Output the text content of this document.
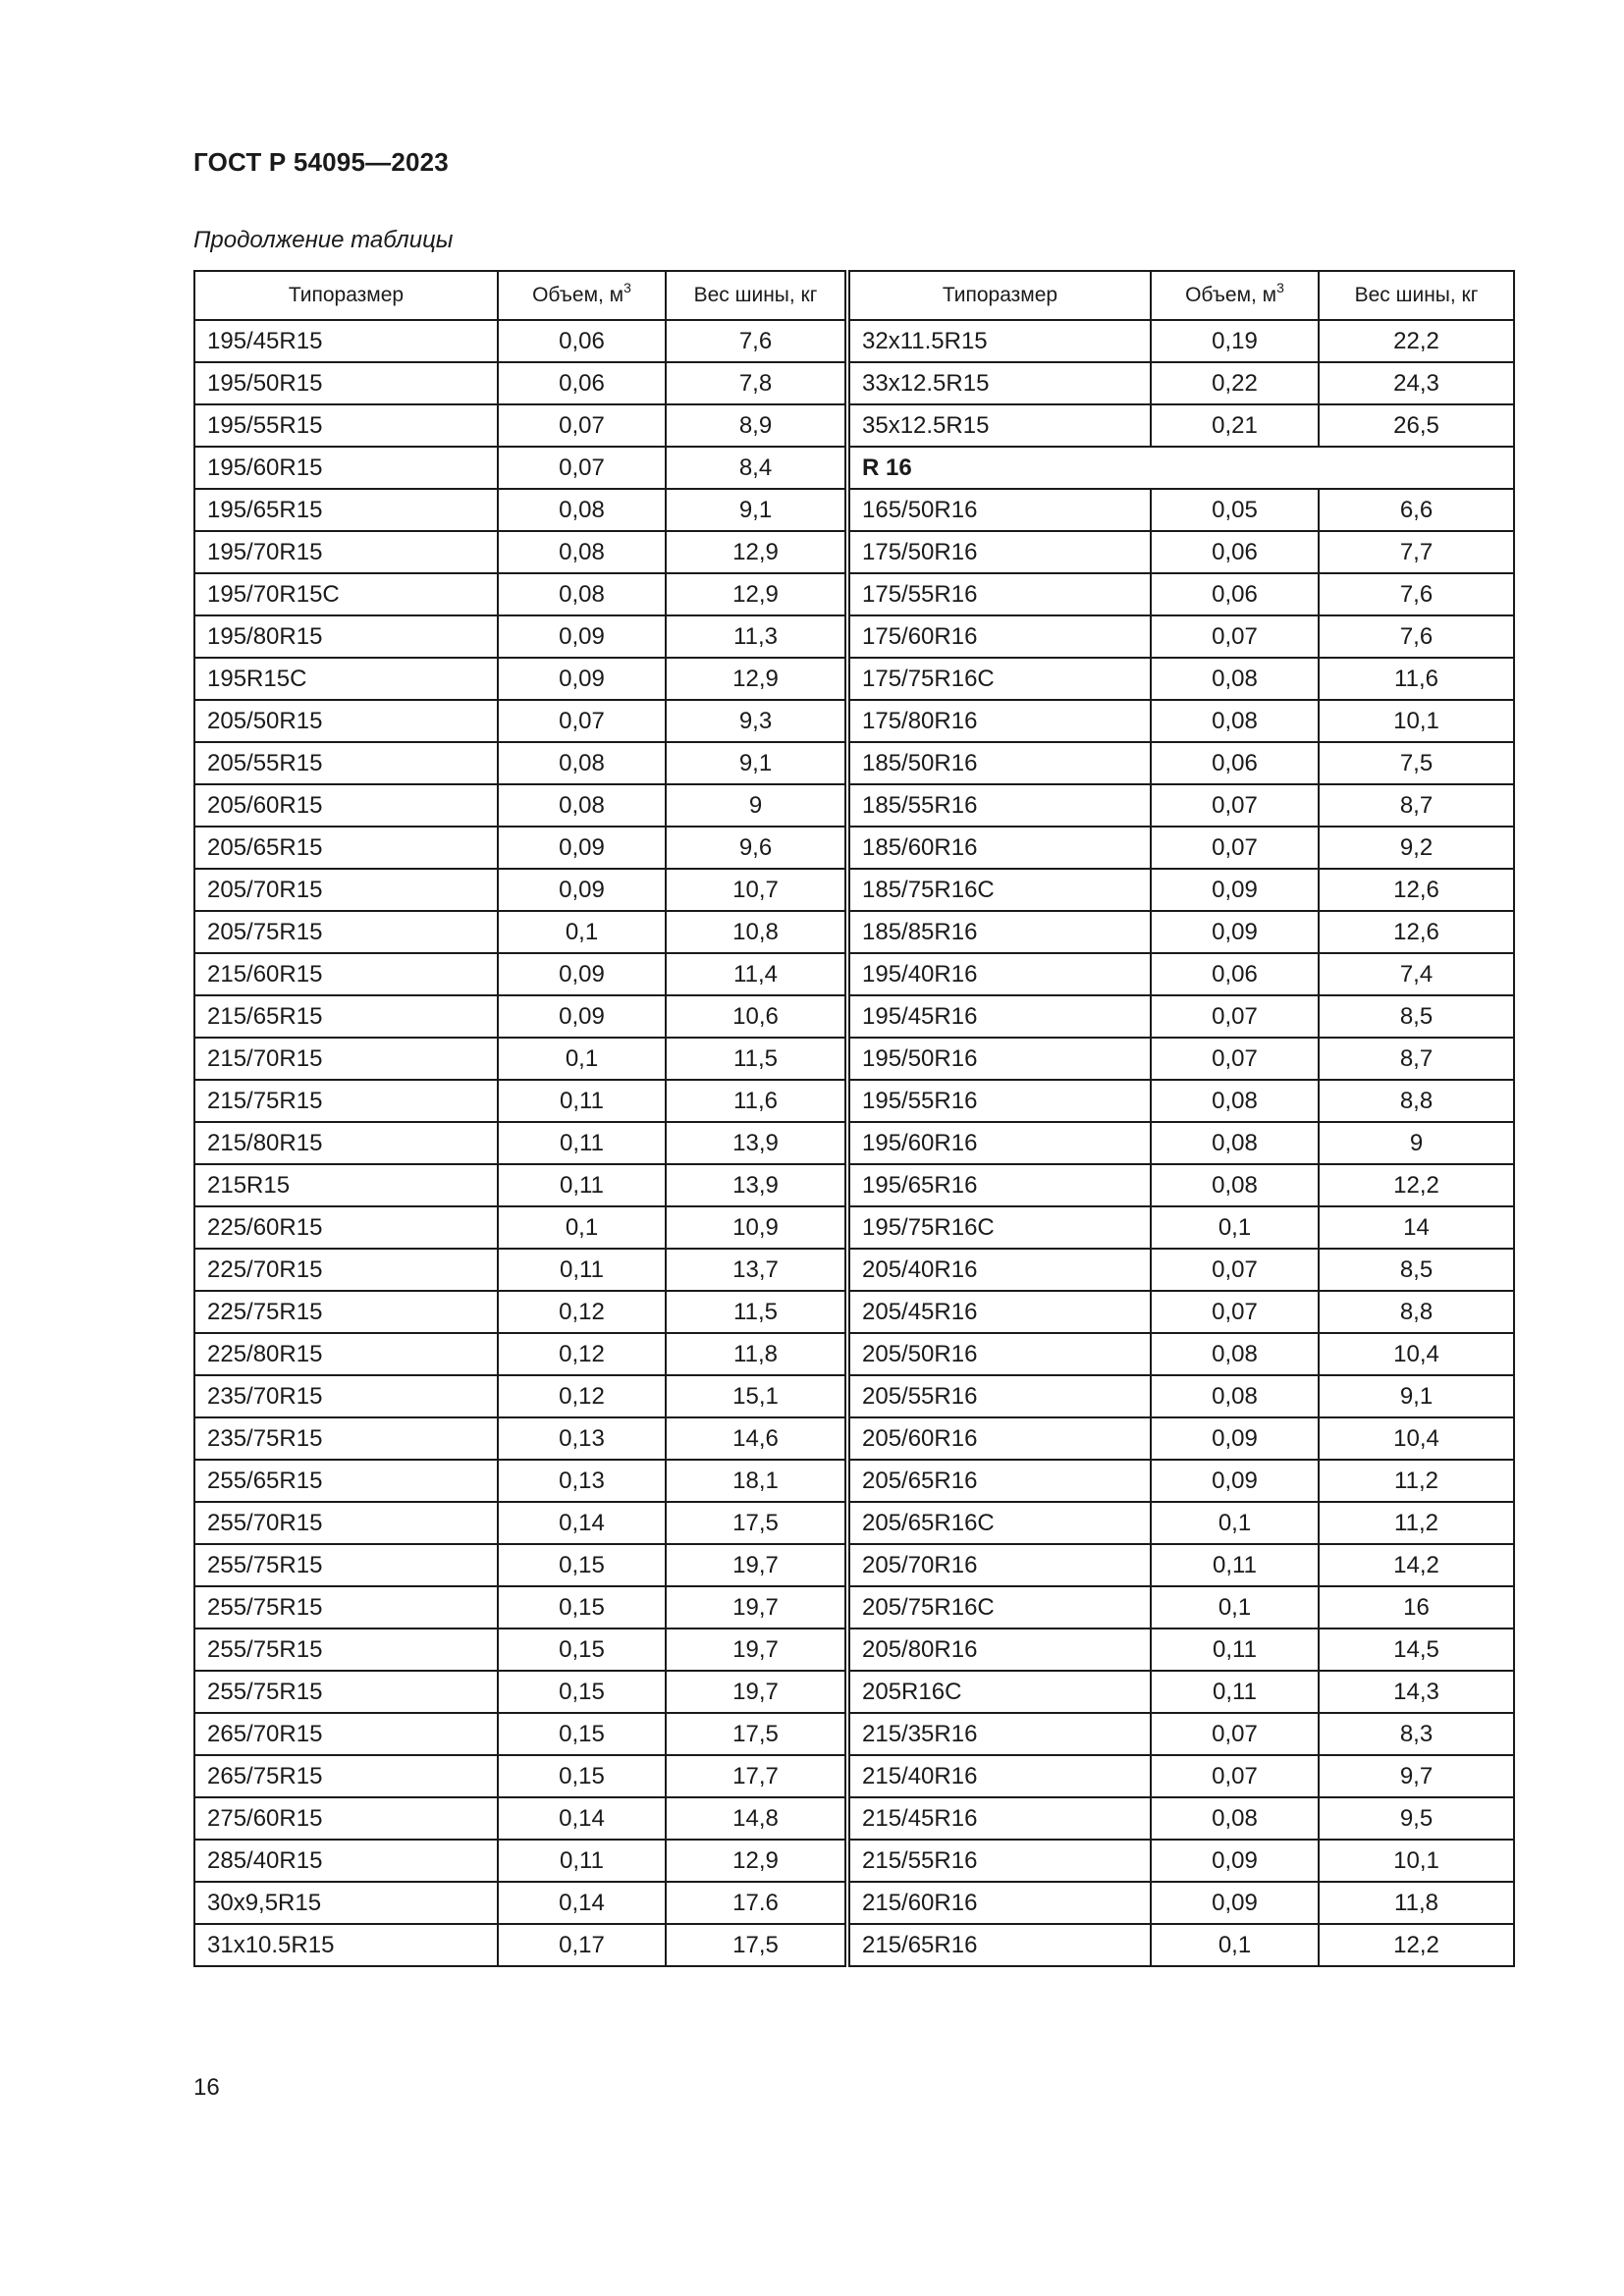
ГОСТ Р 54095—2023
Продолжение таблицы
Типоразмер	Объем, $м^3$	Вес шины, кг	Типоразмер	Объем, $м^3$	Вес шины, кг
195/45R15	0,06	7,6	32x11.5R15	0,19	22,2
195/50R15	0,06	7,8	33x12.5R15	0,22	24,3
195/55R15	0,07	8,9	35x12.5R15	0,21	26,5
195/60R15	0,07	8,4	R 16		
195/65R15	0,08	9,1	165/50R16	0,05	6,6
195/70R15	0,08	12,9	175/50R16	0,06	7,7
195/70R15C	0,08	12,9	175/55R16	0,06	7,6
195/80R15	0,09	11,3	175/60R16	0,07	7,6
195R15C	0,09	12,9	175/75R16C	0,08	11,6
205/50R15	0,07	9,3	175/80R16	0,08	10,1
205/55R15	0,08	9,1	185/50R16	0,06	7,5
205/60R15	0,08	9	185/55R16	0,07	8,7
205/65R15	0,09	9,6	185/60R16	0,07	9,2
205/70R15	0,09	10,7	185/75R16C	0,09	12,6
205/75R15	0,1	10,8	185/85R16	0,09	12,6
215/60R15	0,09	11,4	195/40R16	0,06	7,4
215/65R15	0,09	10,6	195/45R16	0,07	8,5
215/70R15	0,1	11,5	195/50R16	0,07	8,7
215/75R15	0,11	11,6	195/55R16	0,08	8,8
215/80R15	0,11	13,9	195/60R16	0,08	9
215R15	0,11	13,9	195/65R16	0,08	12,2
225/60R15	0,1	10,9	195/75R16C	0,1	14
225/70R15	0,11	13,7	205/40R16	0,07	8,5
225/75R15	0,12	11,5	205/45R16	0,07	8,8
225/80R15	0,12	11,8	205/50R16	0,08	10,4
235/70R15	0,12	15,1	205/55R16	0,08	9,1
235/75R15	0,13	14,6	205/60R16	0,09	10,4
255/65R15	0,13	18,1	205/65R16	0,09	11,2
255/70R15	0,14	17,5	205/65R16C	0,1	11,2
255/75R15	0,15	19,7	205/70R16	0,11	14,2
255/75R15	0,15	19,7	205/75R16C	0,1	16
255/75R15	0,15	19,7	205/80R16	0,11	14,5
255/75R15	0,15	19,7	205R16C	0,11	14,3
265/70R15	0,15	17,5	215/35R16	0,07	8,3
265/75R15	0,15	17,7	215/40R16	0,07	9,7
275/60R15	0,14	14,8	215/45R16	0,08	9,5
285/40R15	0,11	12,9	215/55R16	0,09	10,1
30x9,5R15	0,14	17.6	215/60R16	0,09	11,8
31x10.5R15	0,17	17,5	215/65R16	0,1	12,2
16
